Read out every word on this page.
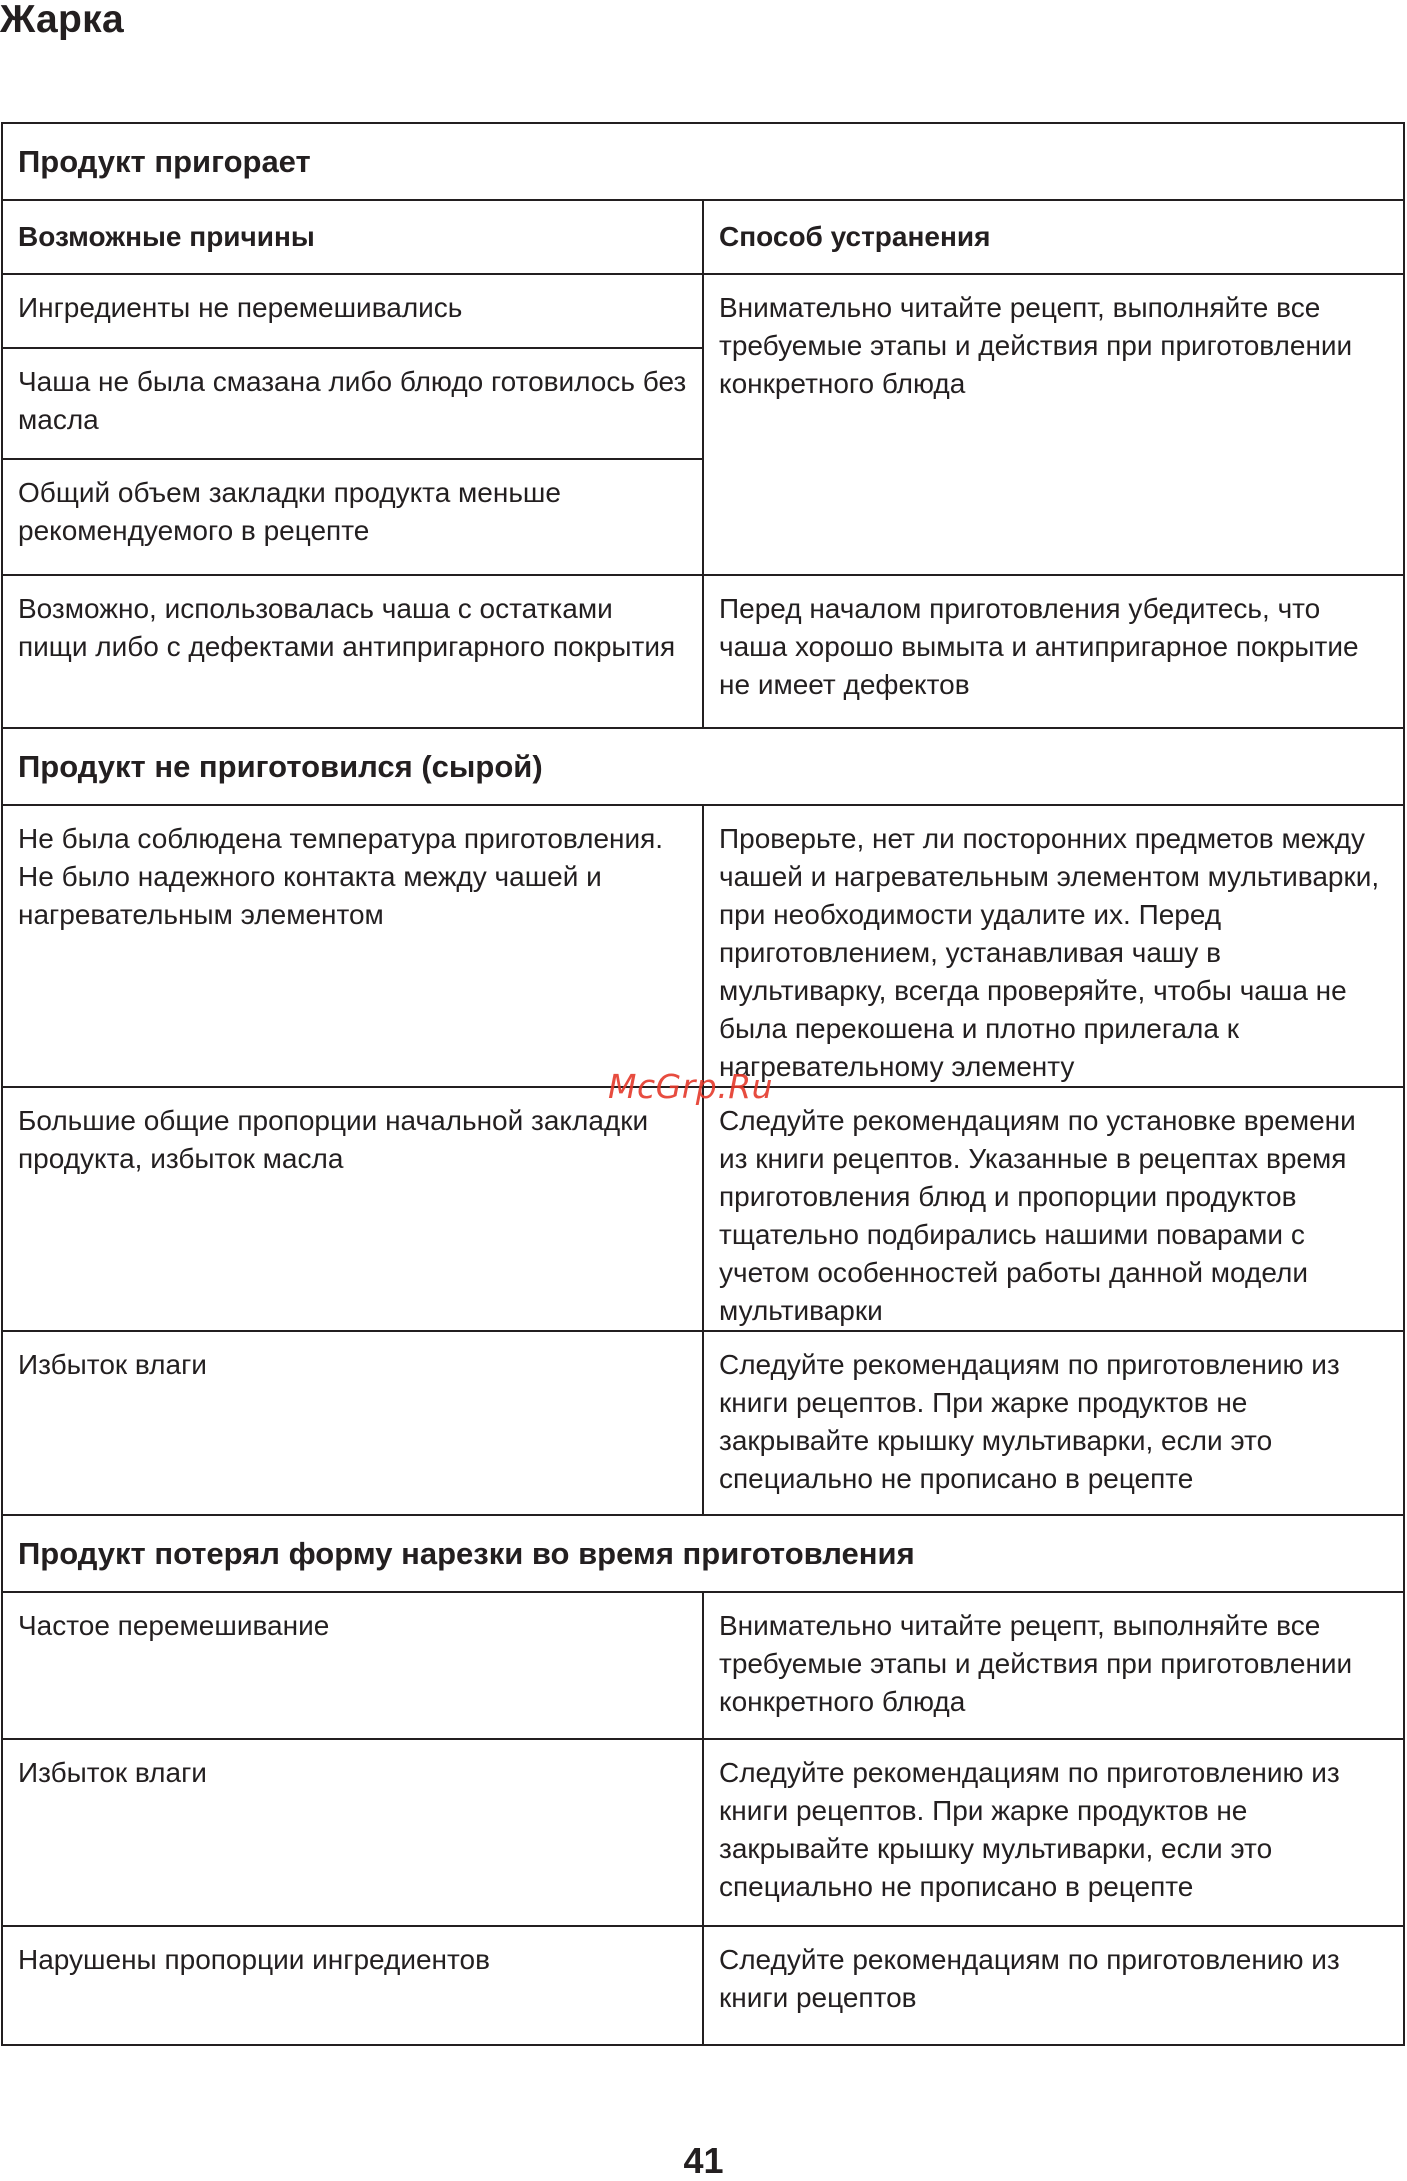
Жарка
Продукт пригорает	
Возможные причины	Способ устранения
Ингредиенты не перемешивались	Внимательно читайте рецепт, выполняйте все требуемые этапы и действия при приготовлении конкретного блюда
Чаша не была смазана либо блюдо готовилось без масла	
Общий объем закладки продукта меньше рекомендуемого в рецепте	
Возможно, использовалась чаша с остатками пищи либо с дефектами антипригарного покрытия	Перед началом приготовления убедитесь, что чаша хорошо вымыта и антипригарное покрытие не имеет дефектов
Продукт не приготовился (сырой)	
Не была соблюдена температура приготовления. Не было надежного контакта между чашей и нагревательным элементом	Проверьте, нет ли посторонних предметов между чашей и нагревательным элементом мультиварки, при необходимости удалите их. Перед приготовлением, устанавливая чашу в мультиварку, всегда проверяйте, чтобы чаша не была перекошена и плотно прилегала к нагревательному элементу
Большие общие пропорции начальной закладки продукта, избыток масла	Следуйте рекомендациям по установке времени из книги рецептов. Указанные в рецептах время приготовления блюд и пропорции продуктов тщательно подбирались нашими поварами с учетом особенностей работы данной модели мультиварки
Избыток влаги	Следуйте рекомендациям по приготовлению из книги рецептов. При жарке продуктов не закрывайте крышку мультиварки, если это специально не прописано в рецепте
Продукт потерял форму нарезки во время приготовления	
Частое перемешивание	Внимательно читайте рецепт, выполняйте все требуемые этапы и действия при приготовлении конкретного блюда
Избыток влаги	Следуйте рекомендациям по приготовлению из книги рецептов. При жарке продуктов не закрывайте крышку мультиварки, если это специально не прописано в рецепте
Нарушены пропорции ингредиентов	Следуйте рекомендациям по приготовлению из книги рецептов
McGrp.Ru
41
